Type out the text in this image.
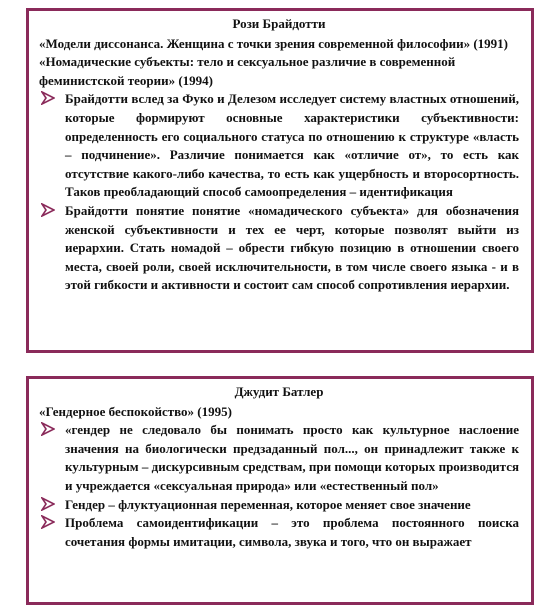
Рози Брайдотти

«Модели диссонанса. Женщина с точки зрения современной философии» (1991)

«Номадические субъекты: тело и сексуальное различие в современной феминистской теории» (1994)

Брайдотти вслед за Фуко и Делезом исследует систему властных отношений, которые формируют основные характеристики субъективности: определенность его социального статуса по отношению к структуре «власть – подчинение». Различие понимается как «отличие от», то есть как отсутствие какого-либо качества, то есть как ущербность и второсортность. Таков преобладающий способ самоопределения – идентификация
Брайдотти понятие понятие «номадического субъекта» для обозначения женской субъективности и тех ее черт, которые позволят выйти из иерархии. Стать номадой – обрести гибкую позицию в отношении своего места, своей роли, своей исключительности, в том числе своего языка - и в этой гибкости и активности и состоит сам способ сопротивления иерархии.
Джудит Батлер

«Гендерное беспокойство» (1995)

«гендер не следовало бы понимать просто как культурное наслоение значения на биологически предзаданный пол..., он принадлежит также к культурным – дискурсивным средствам, при помощи которых производится и учреждается «сексуальная природа» или «естественный пол»
Гендер – флуктуационная переменная, которое меняет свое значение
Проблема самоидентификации – это проблема постоянного поиска сочетания формы имитации, символа, звука и того, что он выражает
